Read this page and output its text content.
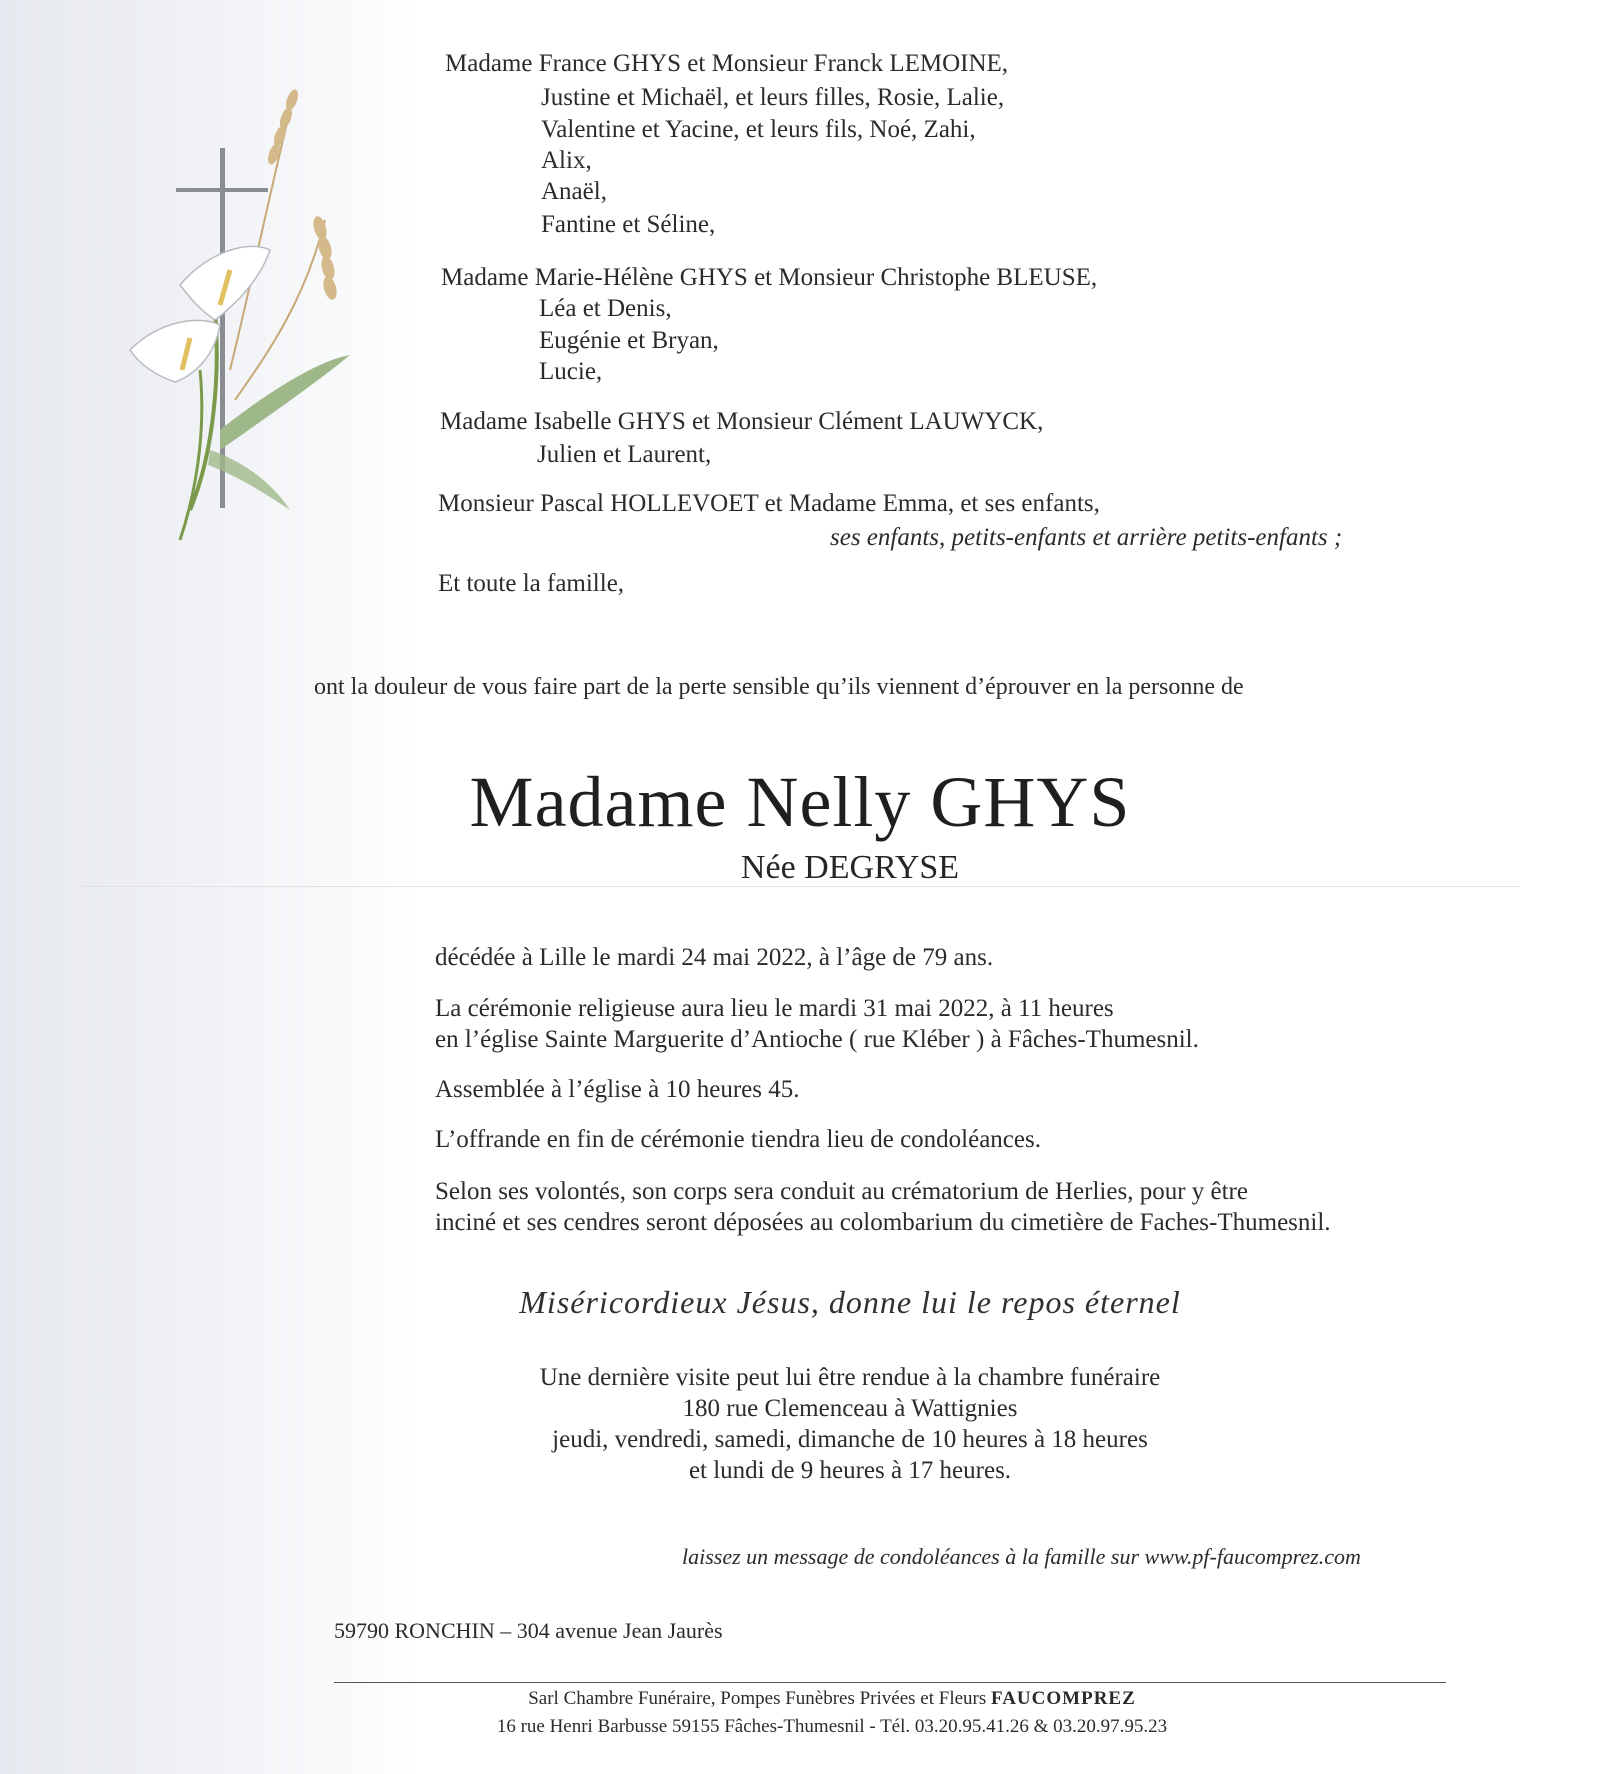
Madame France GHYS et Monsieur Franck LEMOINE,
Justine et Michaël, et leurs filles, Rosie, Lalie,
Valentine et Yacine, et leurs fils, Noé, Zahi,
Alix,
Anaël,
Fantine et Séline,
Madame Marie-Hélène GHYS et Monsieur Christophe BLEUSE,
Léa et Denis,
Eugénie et Bryan,
Lucie,
Madame Isabelle GHYS et Monsieur Clément LAUWYCK,
Julien et Laurent,
Monsieur Pascal HOLLEVOET et Madame Emma, et ses enfants,
ses enfants, petits-enfants et arrière petits-enfants ;
Et toute la famille,
ont la douleur de vous faire part de la perte sensible qu’ils viennent d’éprouver en la personne de
Madame Nelly GHYS
Née DEGRYSE
décédée à Lille le mardi 24 mai 2022, à l’âge de 79 ans.
La cérémonie religieuse aura lieu le mardi 31 mai 2022, à 11 heures
en l’église Sainte Marguerite d’Antioche ( rue Kléber ) à Fâches-Thumesnil.
Assemblée à l’église à 10 heures 45.
L’offrande en fin de cérémonie tiendra lieu de condoléances.
Selon ses volontés, son corps sera conduit au crématorium de Herlies, pour y être
inciné et ses cendres seront déposées au colombarium du cimetière de Faches-Thumesnil.
Miséricordieux Jésus, donne lui le repos éternel
Une dernière visite peut lui être rendue à la chambre funéraire
180 rue Clemenceau à Wattignies
jeudi, vendredi, samedi, dimanche de 10 heures à 18 heures
et lundi de 9 heures à 17 heures.
laissez un message de condoléances à la famille sur www.pf-faucomprez.com
59790 RONCHIN – 304 avenue Jean Jaurès
Sarl Chambre Funéraire, Pompes Funèbres Privées et Fleurs FAUCOMPREZ
16 rue Henri Barbusse 59155 Fâches-Thumesnil - Tél. 03.20.95.41.26 & 03.20.97.95.23
